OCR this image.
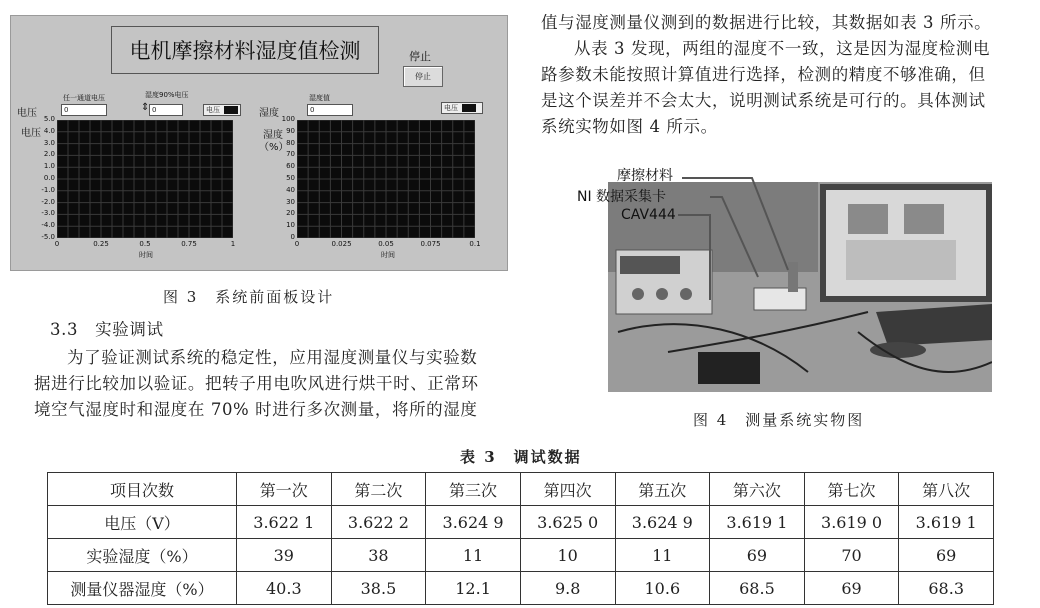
电机摩擦材料湿度值检测	停止
停止
任一通道电压
0
湿度90%电压
⇕ 0	电压
电压
电压
5.0
4.0
3.0
2.0
1.0
0.0
-1.0
-2.0
-3.0
-4.0
-5.0
0	0.25	0.5	0.75	1
时间
湿度值
0	电压
湿度
湿度
（%）
100
90
80
70
60
50
40
30
20
10
0
0	0.025	0.05	0.075	0.1
时间
图 3　系统前面板设计
3.3　实验调试
为了验证测试系统的稳定性，应用湿度测量仪与实验数
据进行比较加以验证。把转子用电吹风进行烘干时、正常环
境空气湿度时和湿度在 70% 时进行多次测量，将所的湿度
值与湿度测量仪测到的数据进行比较，其数据如表 3 所示。
从表 3 发现，两组的湿度不一致，这是因为湿度检测电
路参数未能按照计算值进行选择，检测的精度不够准确，但
是这个误差并不会太大，说明测试系统是可行的。具体测试
系统实物如图 4 所示。
摩擦材料
NI 数据采集卡
CAV444
图 4　测量系统实物图
表 3　调试数据
项目次数	第一次	第二次	第三次	第四次	第五次	第六次	第七次	第八次
电压（V）	3.622 1	3.622 2	3.624 9	3.625 0	3.624 9	3.619 1	3.619 0	3.619 1
实验湿度（%）	39	38	11	10	11	69	70	69
测量仪器湿度（%）	40.3	38.5	12.1	9.8	10.6	68.5	69	68.3
